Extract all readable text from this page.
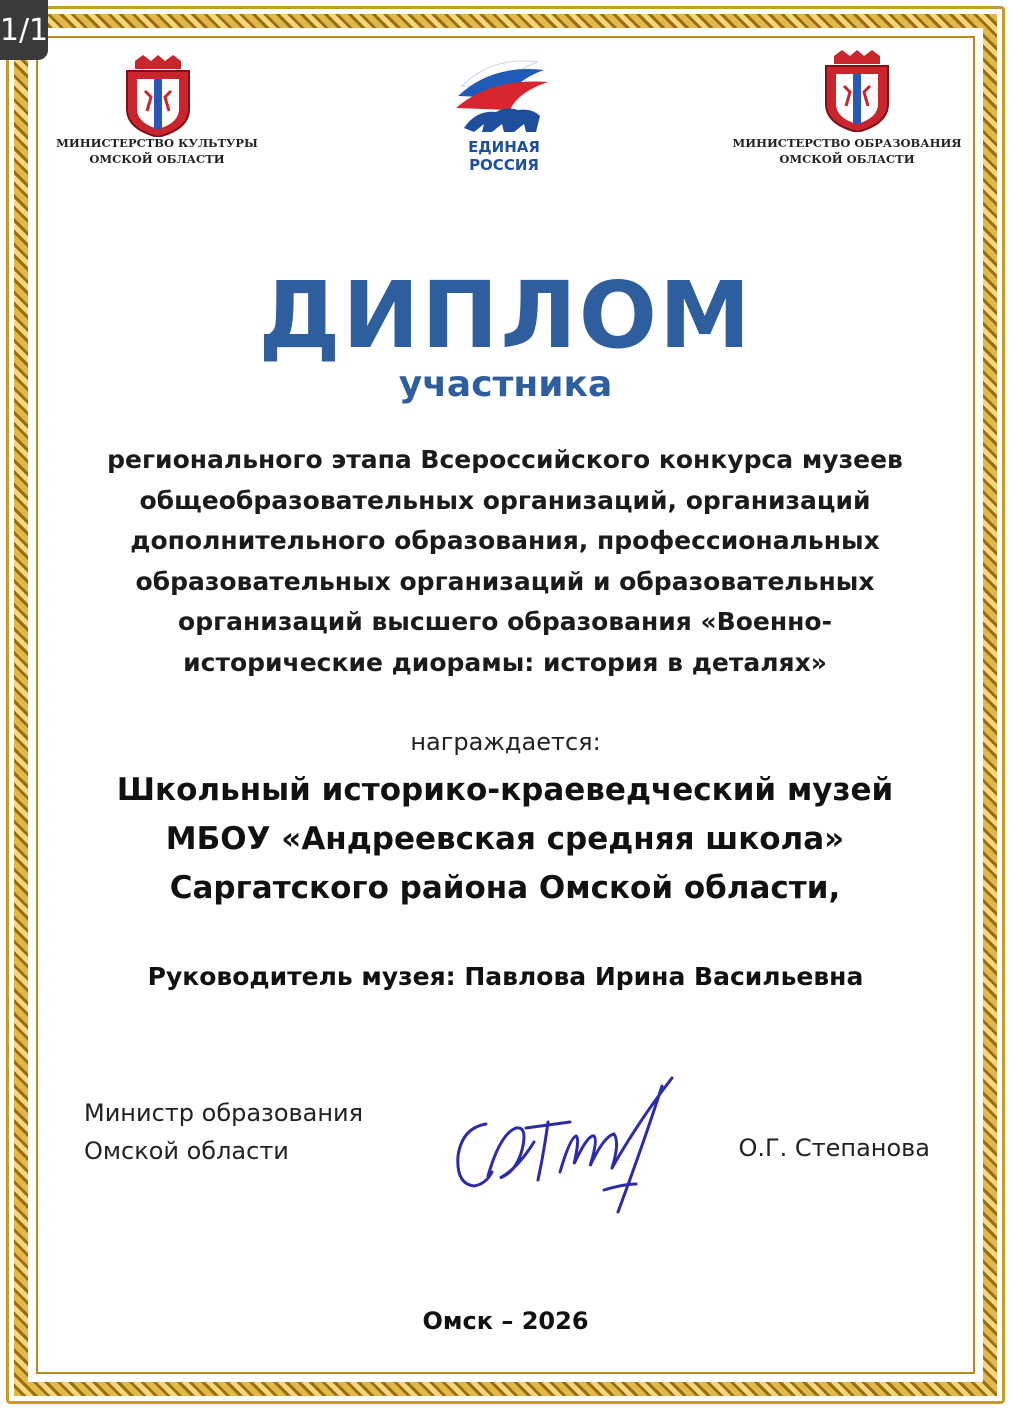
1/1
МИНИСТЕРСТВО КУЛЬТУРЫ
ОМСКОЙ ОБЛАСТИ
ЕДИНАЯ
РОССИЯ
МИНИСТЕРСТВО ОБРАЗОВАНИЯ
ОМСКОЙ ОБЛАСТИ
ДИПЛОМ
участника
регионального этапа Всероссийского конкурса музеев
общеобразовательных организаций, организаций
дополнительного образования, профессиональных
образовательных организаций и образовательных
организаций высшего образования «Военно-
исторические диорамы: история в деталях»
награждается:
Школьный историко-краеведческий музей
МБОУ «Андреевская средняя школа»
Саргатского района Омской области,
Руководитель музея: Павлова Ирина Васильевна
Министр образования
Омской области	О.Г. Степанова
Омск – 2026
